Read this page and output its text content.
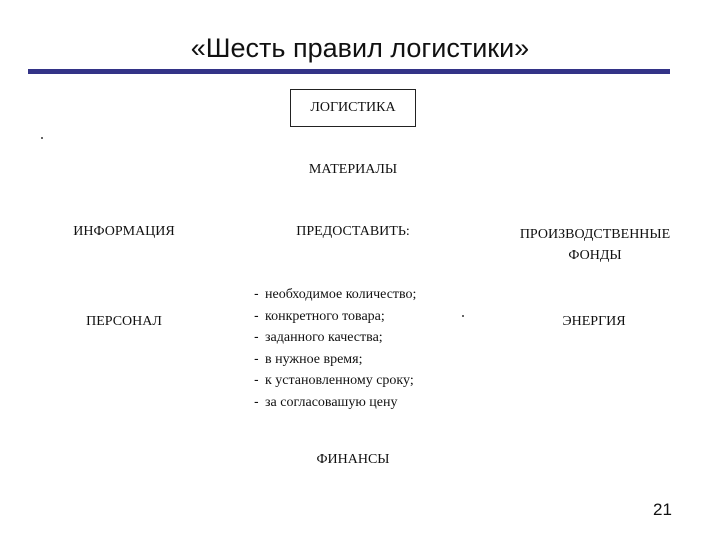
«Шесть правил логистики»
ЛОГИСТИКА
МАТЕРИАЛЫ
ИНФОРМАЦИЯ	ПРЕДОСТАВИТЬ:	ПРОИЗВОДСТВЕННЫЕ
ФОНДЫ
ПЕРСОНАЛ	ЭНЕРГИЯ
ФИНАНСЫ
- необходимое количество;
- конкретного товара;
- заданного качества;
- в нужное время;
- к установленному сроку;
- за согласовашую цену
21
